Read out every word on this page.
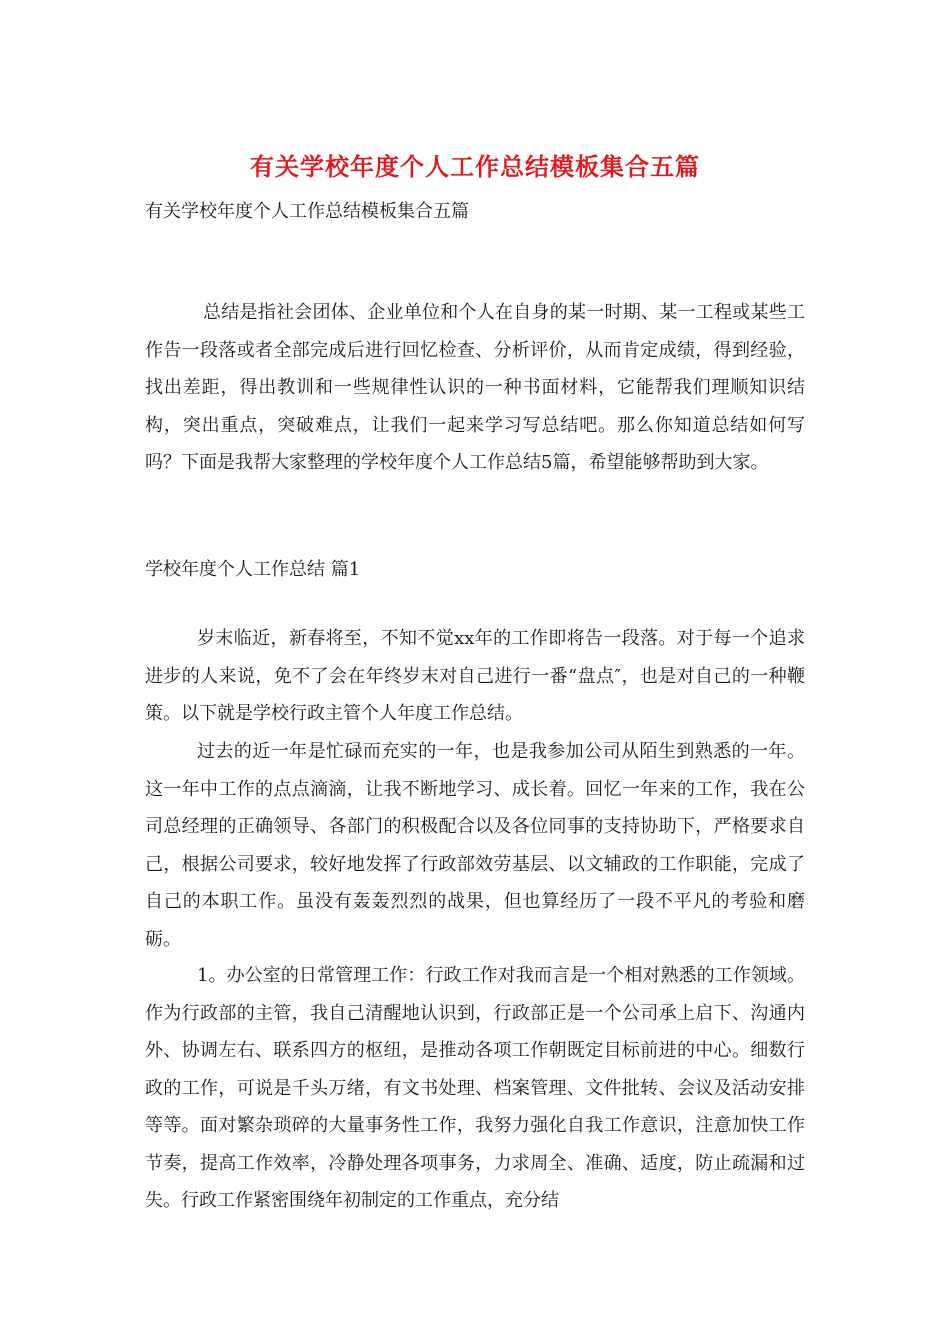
有关学校年度个人工作总结模板集合五篇

有关学校年度个人工作总结模板集合五篇

总结是指社会团体、企业单位和个人在自身的某一时期、某一工程或某些工作告一段落或者全部完成后进行回忆检查、分析评价，从而肯定成绩，得到经验，找出差距，得出教训和一些规律性认识的一种书面材料，它能帮我们理顺知识结构，突出重点，突破难点，让我们一起来学习写总结吧。那么你知道总结如何写吗？下面是我帮大家整理的学校年度个人工作总结5篇，希望能够帮助到大家。

学校年度个人工作总结 篇1

岁末临近，新春将至，不知不觉xx年的工作即将告一段落。对于每一个追求进步的人来说，免不了会在年终岁末对自己进行一番“盘点″，也是对自己的一种鞭策。以下就是学校行政主管个人年度工作总结。

过去的近一年是忙碌而充实的一年，也是我参加公司从陌生到熟悉的一年。这一年中工作的点点滴滴，让我不断地学习、成长着。回忆一年来的工作，我在公司总经理的正确领导、各部门的积极配合以及各位同事的支持协助下，严格要求自己，根据公司要求，较好地发挥了行政部效劳基层、以文辅政的工作职能，完成了自己的本职工作。虽没有轰轰烈烈的战果，但也算经历了一段不平凡的考验和磨砺。

1。办公室的日常管理工作：行政工作对我而言是一个相对熟悉的工作领域。作为行政部的主管，我自己清醒地认识到，行政部正是一个公司承上启下、沟通内外、协调左右、联系四方的枢纽，是推动各项工作朝既定目标前进的中心。细数行政的工作，可说是千头万绪，有文书处理、档案管理、文件批转、会议及活动安排等等。面对繁杂琐碎的大量事务性工作，我努力强化自我工作意识，注意加快工作节奏，提高工作效率，冷静处理各项事务，力求周全、准确、适度，防止疏漏和过失。行政工作紧密围绕年初制定的工作重点，充分结
